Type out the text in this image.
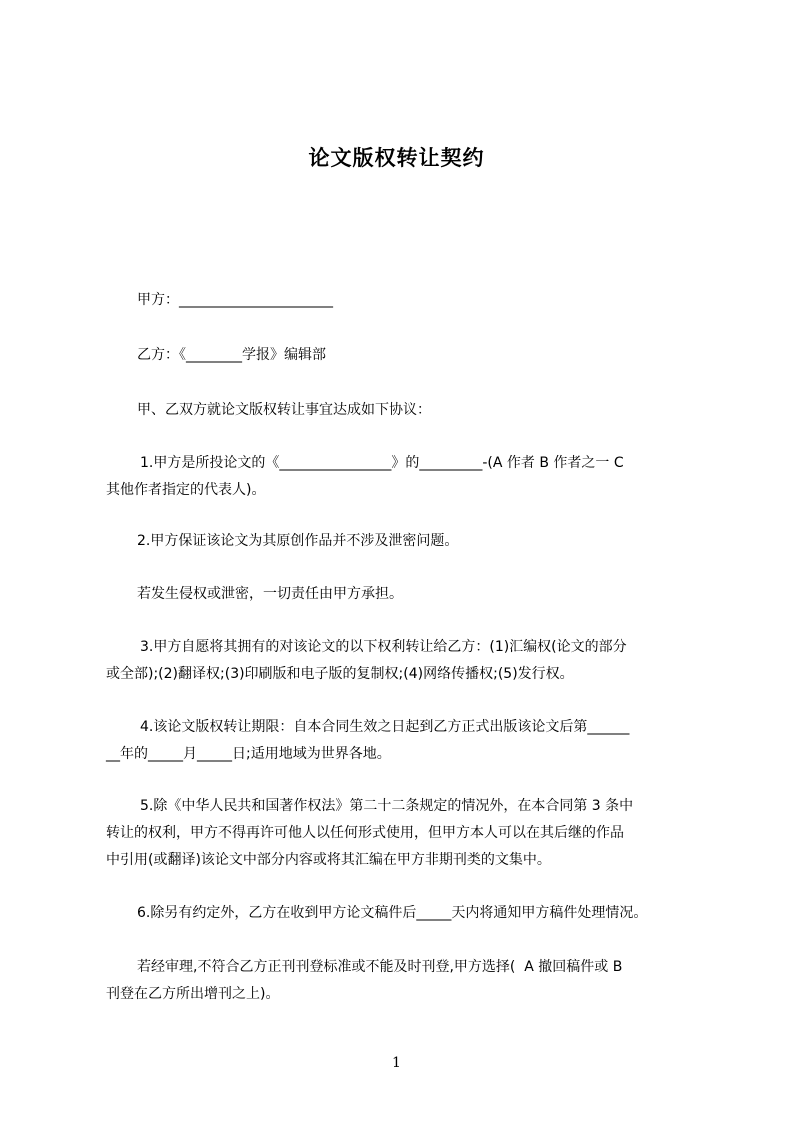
论文版权转让契约
甲方：______________________
乙方：《________学报》编辑部
甲、乙双方就论文版权转让事宜达成如下协议：
1.甲方是所投论文的《________________》的_________-(A 作者 B 作者之一 C
其他作者指定的代表人)。
2.甲方保证该论文为其原创作品并不涉及泄密问题。
若发生侵权或泄密，一切责任由甲方承担。
3.甲方自愿将其拥有的对该论文的以下权利转让给乙方：(1)汇编权(论文的部分
或全部);(2)翻译权;(3)印刷版和电子版的复制权;(4)网络传播权;(5)发行权。
4.该论文版权转让期限：自本合同生效之日起到乙方正式出版该论文后第______
__年的_____月_____日;适用地域为世界各地。
5.除《中华人民共和国著作权法》第二十二条规定的情况外，在本合同第 3 条中
转让的权利，甲方不得再许可他人以任何形式使用，但甲方本人可以在其后继的作品
中引用(或翻译)该论文中部分内容或将其汇编在甲方非期刊类的文集中。
6.除另有约定外，乙方在收到甲方论文稿件后_____天内将通知甲方稿件处理情况。
若经审理,不符合乙方正刊刊登标准或不能及时刊登,甲方选择(  A 撤回稿件或 B
刊登在乙方所出增刊之上)。
1
